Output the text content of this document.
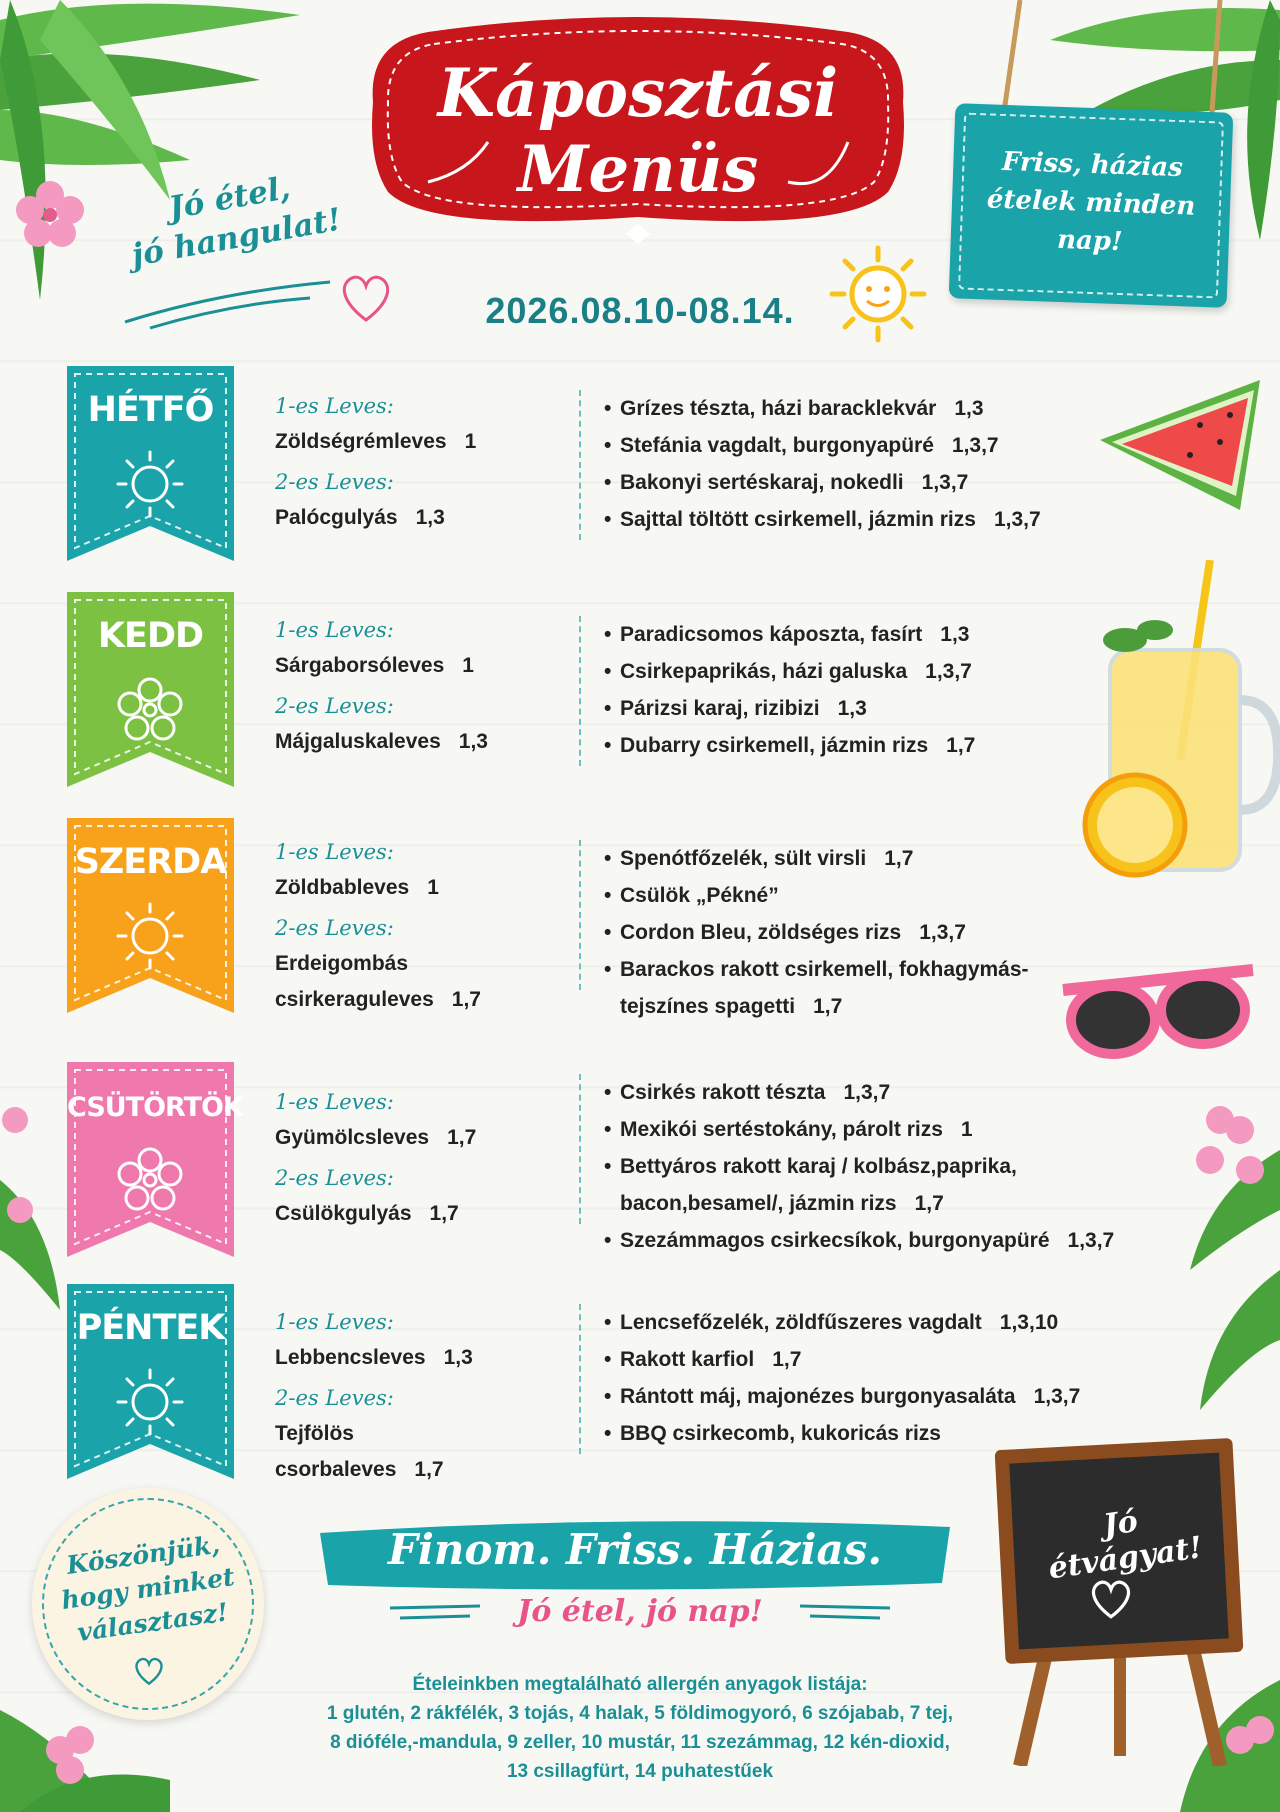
Káposztási
Menüs
Jó étel,
jó hangulat!
2026.08.10-08.14.
Friss, házias
ételek minden
nap!
HÉTFŐ	1-es Leves:
Zöldségrémleves 1
2-es Leves:
Palócgulyás 1,3
• Grízes tészta, házi baracklekvár 1,3
• Stefánia vagdalt, burgonyapüré 1,3,7
• Bakonyi sertéskaraj, nokedli 1,3,7
• Sajttal töltött csirkemell, jázmin rizs 1,3,7
KEDD	1-es Leves:
Sárgaborsóleves 1
2-es Leves:
Májgaluskaleves 1,3
• Paradicsomos káposzta, fasírt 1,3
• Csirkepaprikás, házi galuska 1,3,7
• Párizsi karaj, rizibizi 1,3
• Dubarry csirkemell, jázmin rizs 1,7
SZERDA	1-es Leves:
Zöldbableves 1
2-es Leves:
Erdeigombás
csirkeraguleves 1,7
• Spenótfőzelék, sült virsli 1,7
• Csülök „Pékné”
• Cordon Bleu, zöldséges rizs 1,3,7
• Barackos rakott csirkemell, fokhagymás-
tejszínes spagetti 1,7
CSÜTÖRTÖK 1-es Leves:
Gyümölcsleves 1,7
2-es Leves:
Csülökgulyás 1,7
• Csirkés rakott tészta 1,3,7
• Mexikói sertéstokány, párolt rizs 1
• Bettyáros rakott karaj / kolbász,paprika,
bacon,besamel/, jázmin rizs 1,7
• Szezámmagos csirkecsíkok, burgonyapüré 1,3,7
PÉNTEK	1-es Leves:
Lebbencsleves 1,3
2-es Leves:
Tejfölös
csorbaleves 1,7
• Lencsefőzelék, zöldfűszeres vagdalt 1,3,10
• Rakott karfiol 1,7
• Rántott máj, majonézes burgonyasaláta 1,3,7
• BBQ csirkecomb, kukoricás rizs
Köszönjük,
hogy minket
választasz!
Finom. Friss. Házias.
Jó étel, jó nap!
Jó étvágyat!
Ételeinkben megtalálható allergén anyagok listája:
1 glutén, 2 rákfélék, 3 tojás, 4 halak, 5 földimogyoró, 6 szójabab, 7 tej,
8 dióféle,-mandula, 9 zeller, 10 mustár, 11 szezámmag, 12 kén-dioxid,
13 csillagfürt, 14 puhatestűek
